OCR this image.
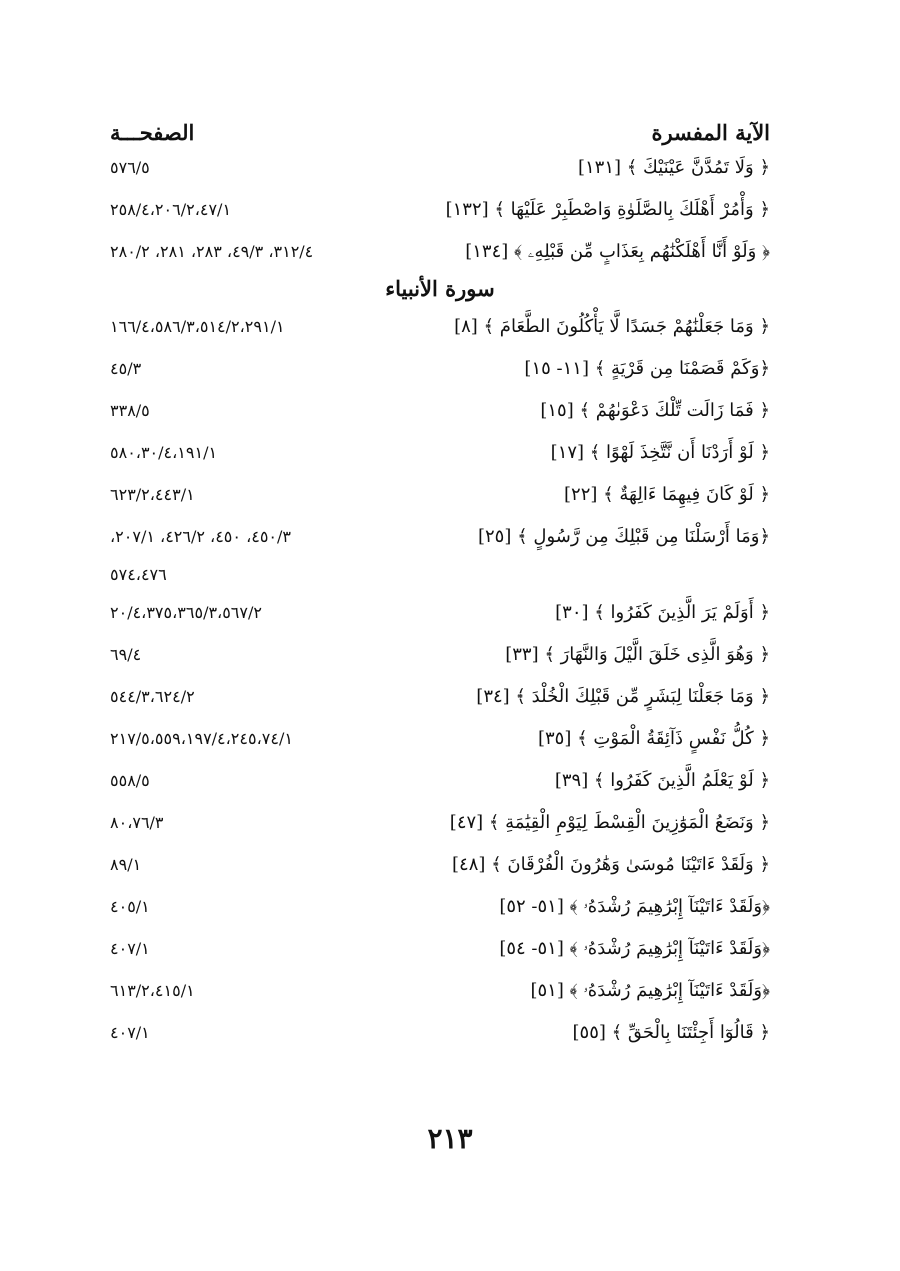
الآية المفسرة
الصفحـــة
﴿ وَلَا تَمُدَّنَّ عَيْنَيْكَ ﴾ [١٣١]
٥٧٦/٥
﴿ وَأْمُرْ أَهْلَكَ بِالصَّلَوٰةِ وَاصْطَبِرْ عَلَيْهَا ﴾ [١٣٢]
٢٥٨/٤،٢٠٦/٢،٤٧/١
﴿ وَلَوْ أَنَّا أَهْلَكْنَٰهُم بِعَذَابٍ مِّن قَبْلِهِۦ ﴾ [١٣٤]
٣١٢/٤، ٤٩/٣، ٢٨٣، ٢٨١، ٢٨٠/٢
سورة الأنبياء
﴿ وَمَا جَعَلْنَٰهُمْ جَسَدًا لَّا يَأْكُلُونَ الطَّعَامَ ﴾ [٨]
١٦٦/٤،٥٨٦/٣،٥١٤/٢،٢٩١/١
﴿وَكَمْ قَصَمْنَا مِن قَرْيَةٍ ﴾ [١١- ١٥]
٤٥/٣
﴿ فَمَا زَالَت تِّلْكَ دَعْوَىٰهُمْ ﴾ [١٥]
٣٣٨/٥
﴿ لَوْ أَرَدْنَا أَن نَّتَّخِذَ لَهْوًا ﴾ [١٧]
٥٨٠،٣٠/٤،١٩١/١
﴿ لَوْ كَانَ فِيهِمَا ءَالِهَةٌ ﴾ [٢٢]
٦٢٣/٢،٤٤٣/١
﴿وَمَا أَرْسَلْنَا مِن قَبْلِكَ مِن رَّسُولٍ ﴾ [٢٥]
٤٥٠/٣، ٤٥٠، ٤٢٦/٢، ٢٠٧/١،
٥٧٤،٤٧٦
﴿ أَوَلَمْ يَرَ الَّذِينَ كَفَرُوا ﴾ [٣٠]
٢٠/٤،٣٧٥،٣٦٥/٣،٥٦٧/٢
﴿ وَهُوَ الَّذِى خَلَقَ الَّيْلَ وَالنَّهَارَ ﴾ [٣٣]
٦٩/٤
﴿ وَمَا جَعَلْنَا لِبَشَرٍ مِّن قَبْلِكَ الْخُلْدَ ﴾ [٣٤]
٥٤٤/٣،٦٢٤/٢
﴿ كُلُّ نَفْسٍ ذَآئِقَةُ الْمَوْتِ ﴾ [٣٥]
٢١٧/٥،٥٥٩،١٩٧/٤،٢٤٥،٧٤/١
﴿ لَوْ يَعْلَمُ الَّذِينَ كَفَرُوا ﴾ [٣٩]
٥٥٨/٥
﴿ وَنَضَعُ الْمَوَٰزِينَ الْقِسْطَ لِيَوْمِ الْقِيَٰمَةِ ﴾ [٤٧]
٨٠،٧٦/٣
﴿ وَلَقَدْ ءَاتَيْنَا مُوسَىٰ وَهَٰرُونَ الْفُرْقَانَ ﴾ [٤٨]
٨٩/١
﴿وَلَقَدْ ءَاتَيْنَآ إِبْرَٰهِيمَ رُشْدَهُۥ ﴾ [٥١- ٥٢]
٤٠٥/١
﴿وَلَقَدْ ءَاتَيْنَآ إِبْرَٰهِيمَ رُشْدَهُۥ ﴾ [٥١- ٥٤]
٤٠٧/١
﴿وَلَقَدْ ءَاتَيْنَآ إِبْرَٰهِيمَ رُشْدَهُۥ ﴾ [٥١]
٦١٣/٢،٤١٥/١
﴿ قَالُوٓا أَجِئْتَنَا بِالْحَقِّ ﴾ [٥٥]
٤٠٧/١
٢١٣
